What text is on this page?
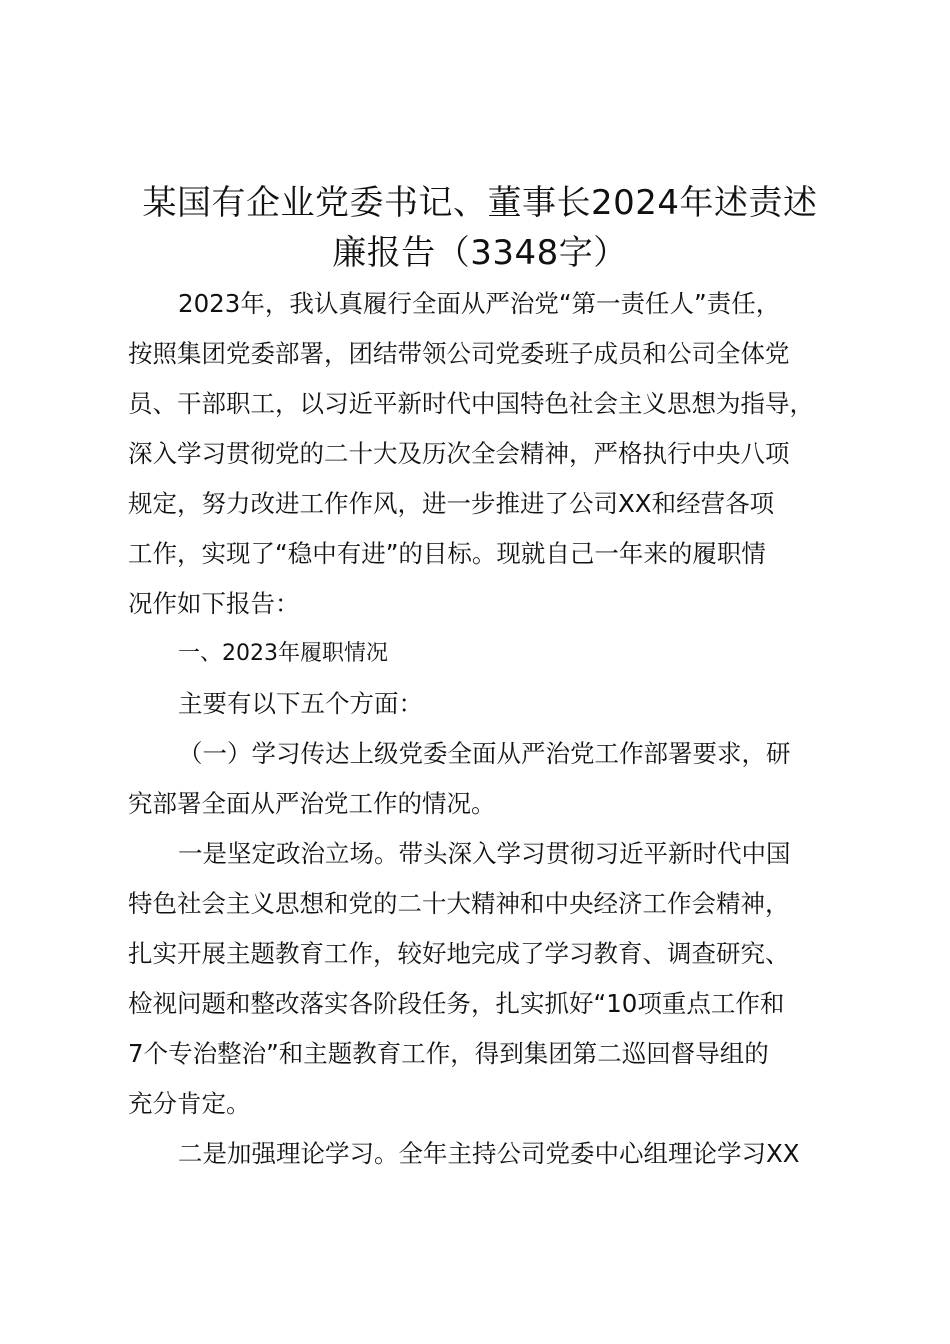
某国有企业党委书记、董事长2024年述责述
廉报告（3348字）
2023年，我认真履行全面从严治党“第一责任人”责任，
按照集团党委部署，团结带领公司党委班子成员和公司全体党
员、干部职工，以习近平新时代中国特色社会主义思想为指导，
深入学习贯彻党的二十大及历次全会精神，严格执行中央八项
规定，努力改进工作作风，进一步推进了公司XX和经营各项
工作，实现了“稳中有进”的目标。现就自己一年来的履职情
况作如下报告：
一、2023年履职情况
主要有以下五个方面：
（一）学习传达上级党委全面从严治党工作部署要求，研
究部署全面从严治党工作的情况。
一是坚定政治立场。带头深入学习贯彻习近平新时代中国
特色社会主义思想和党的二十大精神和中央经济工作会精神，
扎实开展主题教育工作，较好地完成了学习教育、调查研究、
检视问题和整改落实各阶段任务，扎实抓好“10项重点工作和
7个专治整治”和主题教育工作，得到集团第二巡回督导组的
充分肯定。
二是加强理论学习。全年主持公司党委中心组理论学习XX
